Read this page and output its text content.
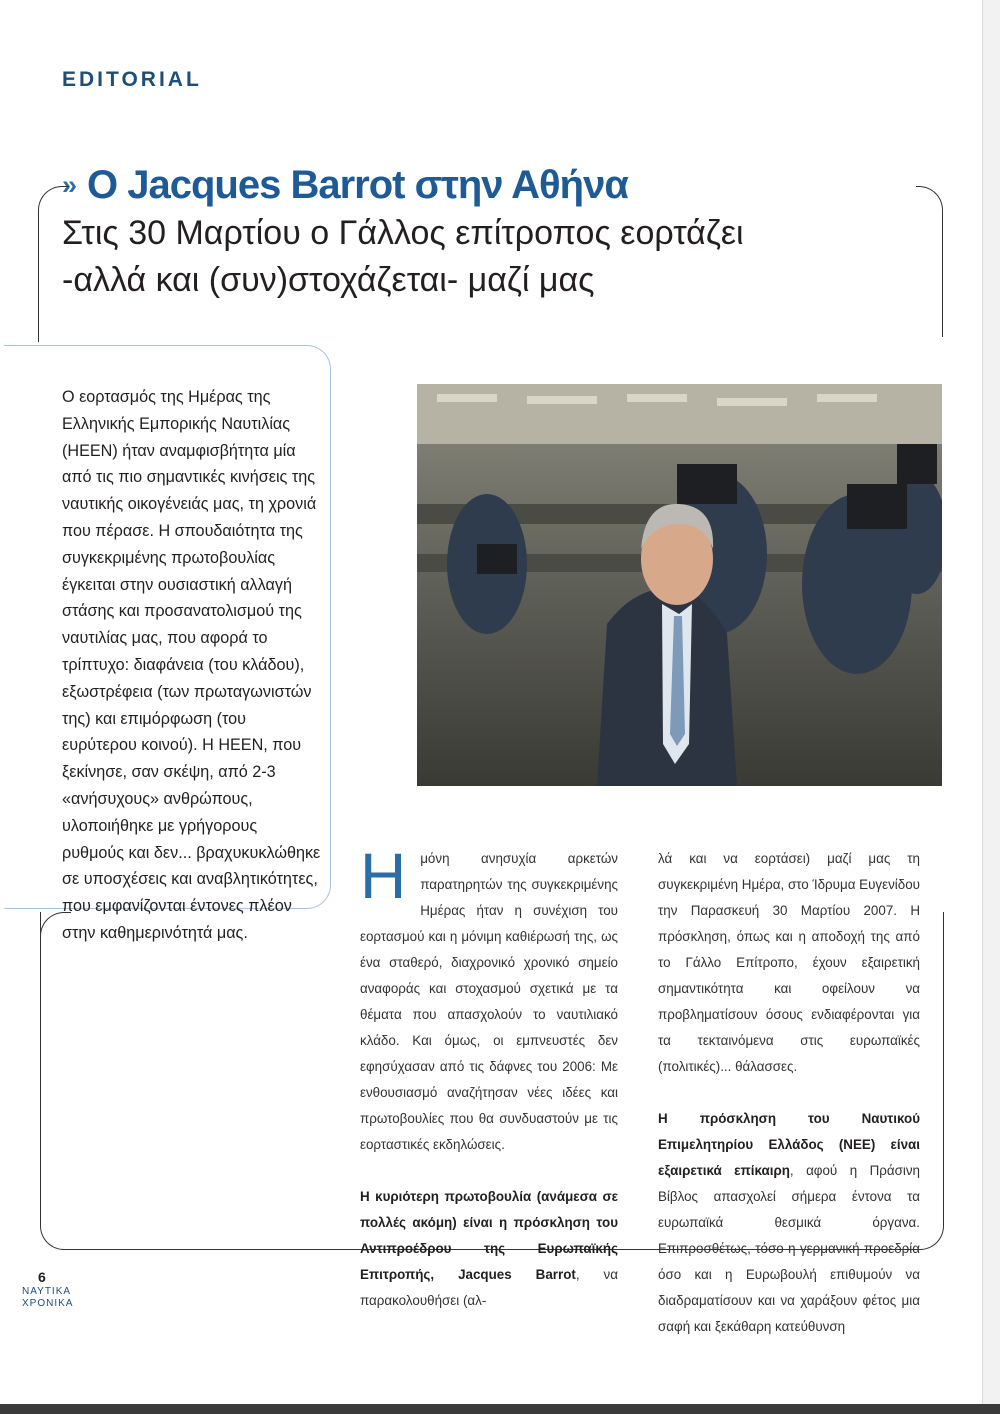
EDITORIAL
» Ο Jacques Barrot στην Αθήνα
Στις 30 Μαρτίου ο Γάλλος επίτροπος εορτάζει
-αλλά και (συν)στοχάζεται- μαζί μας
Ο εορτασμός της Ημέρας της Ελληνικής Εμπορικής Ναυτιλίας (ΗΕΕΝ) ήταν αναμφισβήτητα μία από τις πιο σημαντικές κινήσεις της ναυτικής οικογένειάς μας, τη χρονιά που πέρασε. Η σπουδαιότητα της συγκεκριμένης πρωτοβουλίας έγκειται στην ουσιαστική αλλαγή στάσης και προσανατολισμού της ναυτιλίας μας, που αφορά το τρίπτυχο: διαφάνεια (του κλάδου), εξωστρέφεια (των πρωταγωνιστών της) και επιμόρφωση (του ευρύτερου κοινού). Η ΗΕΕΝ, που ξεκίνησε, σαν σκέψη, από 2-3 «ανήσυχους» ανθρώπους, υλοποιήθηκε με γρήγορους ρυθμούς και δεν... βραχυκυκλώθηκε σε υποσχέσεις και αναβλητικότητες, που εμφανίζονται έντονες πλέον στην καθημερινότητά μας.

Η μόνη ανησυχία αρκετών παρατηρητών της συγκεκριμένης Ημέρας ήταν η συνέχιση του εορτασμού και η μόνιμη καθιέρωσή της, ως ένα σταθερό, διαχρονικό χρονικό σημείο αναφοράς και στοχασμού σχετικά με τα θέματα που απασχολούν το ναυτιλιακό κλάδο. Και όμως, οι εμπνευστές δεν εφησύχασαν από τις δάφνες του 2006: Με ενθουσιασμό αναζήτησαν νέες ιδέες και πρωτοβουλίες που θα συνδυαστούν με τις εορταστικές εκδηλώσεις.

Η κυριότερη πρωτοβουλία (ανάμεσα σε πολλές ακόμη) είναι η πρόσκληση του Αντιπροέδρου της Ευρωπαϊκής Επιτροπής, Jacques Barrot, να παρακολουθήσει (αλ-

λά και να εορτάσει) μαζί μας τη συγκεκριμένη Ημέρα, στο Ίδρυμα Ευγενίδου την Παρασκευή 30 Μαρτίου 2007. Η πρόσκληση, όπως και η αποδοχή της από το Γάλλο Επίτροπο, έχουν εξαιρετική σημαντικότητα και οφείλουν να προβληματίσουν όσους ενδιαφέρονται για τα τεκταινόμενα στις ευρωπαϊκές (πολιτικές)... θάλασσες.

Η πρόσκληση του Ναυτικού Επιμελητηρίου Ελλάδος (ΝΕΕ) είναι εξαιρετικά επίκαιρη, αφού η Πράσινη Βίβλος απασχολεί σήμερα έντονα τα ευρωπαϊκά θεσμικά όργανα. Επιπροσθέτως, τόσο η γερμανική προεδρία όσο και η Ευρωβουλή επιθυμούν να διαδραματίσουν και να χαράξουν φέτος μια σαφή και ξεκάθαρη κατεύθυνση

6
ΝΑΥΤΙΚΑ
ΧΡΟΝΙΚΑ
